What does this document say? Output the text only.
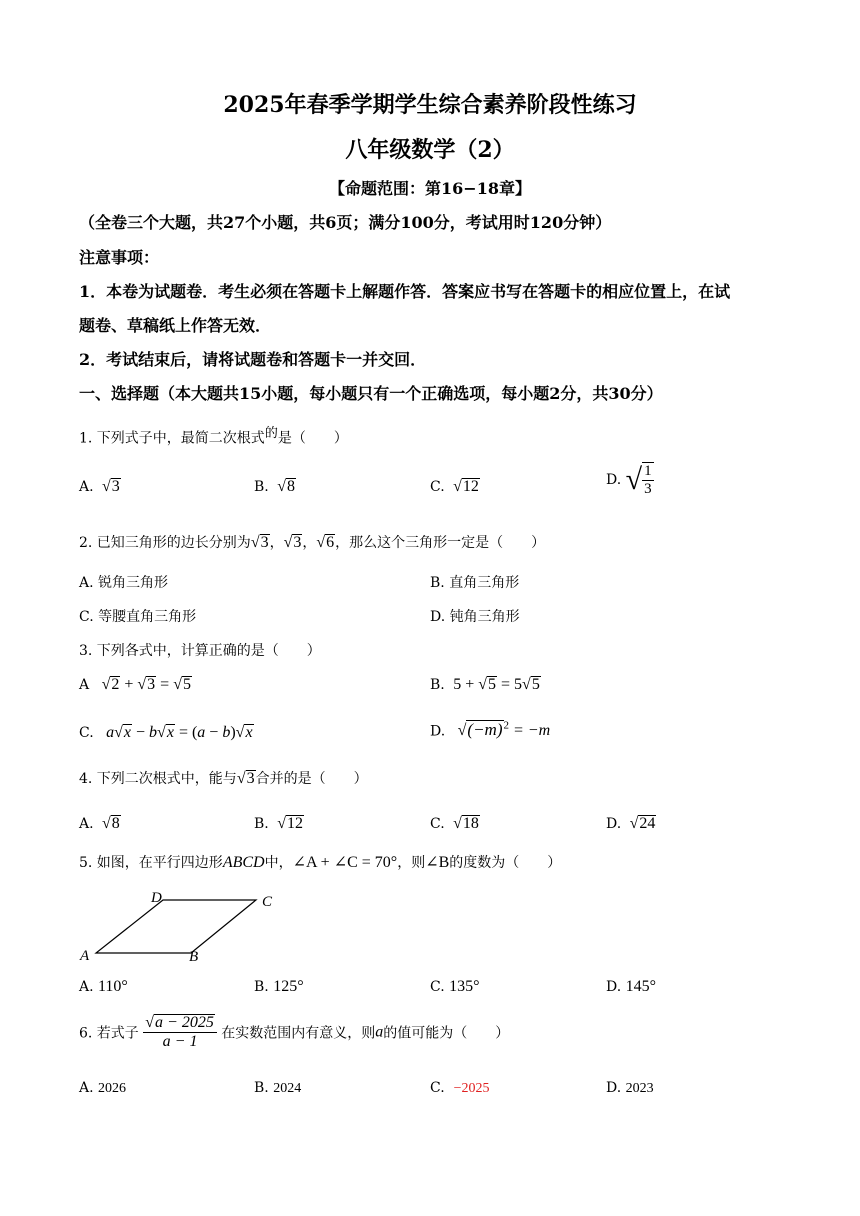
2025年春季学期学生综合素养阶段性练习
八年级数学（2）
【命题范围：第16−18章】
（全卷三个大题，共27个小题，共6页；满分100分，考试用时120分钟）
注意事项：
1．本卷为试题卷．考生必须在答题卡上解题作答．答案应书写在答题卡的相应位置上，在试
题卷、草稿纸上作答无效．
2．考试结束后，请将试题卷和答题卡一并交回．
一、选择题（本大题共15小题，每小题只有一个正确选项，每小题2分，共30分）
1. 下列式子中，最简二次根式$^的$是（　　）
A.  √3	B.  √8	C.  √12	D. √ $\frac{1}{3}$
2. 已知三角形的边长分别为√3，√3，√6，那么这个三角形一定是（　　）
A. 锐角三角形	B. 直角三角形
C. 等腰直角三角形	D. 钝角三角形
3. 下列各式中，计算正确的是（　　）
A   √2 + √3 = √5	B. 5 + √5 = 5√5
C. a√x − b√x = (a − b)√x	D.   $√(-m)^2 = -m$
4. 下列二次根式中，能与√3合并的是（　　）
A.  √8	B.  √12	C.  √18	D.  √24
5. 如图，在平行四边形ABCD中，∠A + ∠C = 70°，则∠B的度数为（　　）
A	B
C
D
A. 110°	B. 125°	C. 135°	D. 145°
6. 若式子 $\frac{√a - 2025}{a - 1}$ 在实数范围内有意义，则a的值可能为（　　）
A. 2026	B. 2024	C. −2025	D. 2023
